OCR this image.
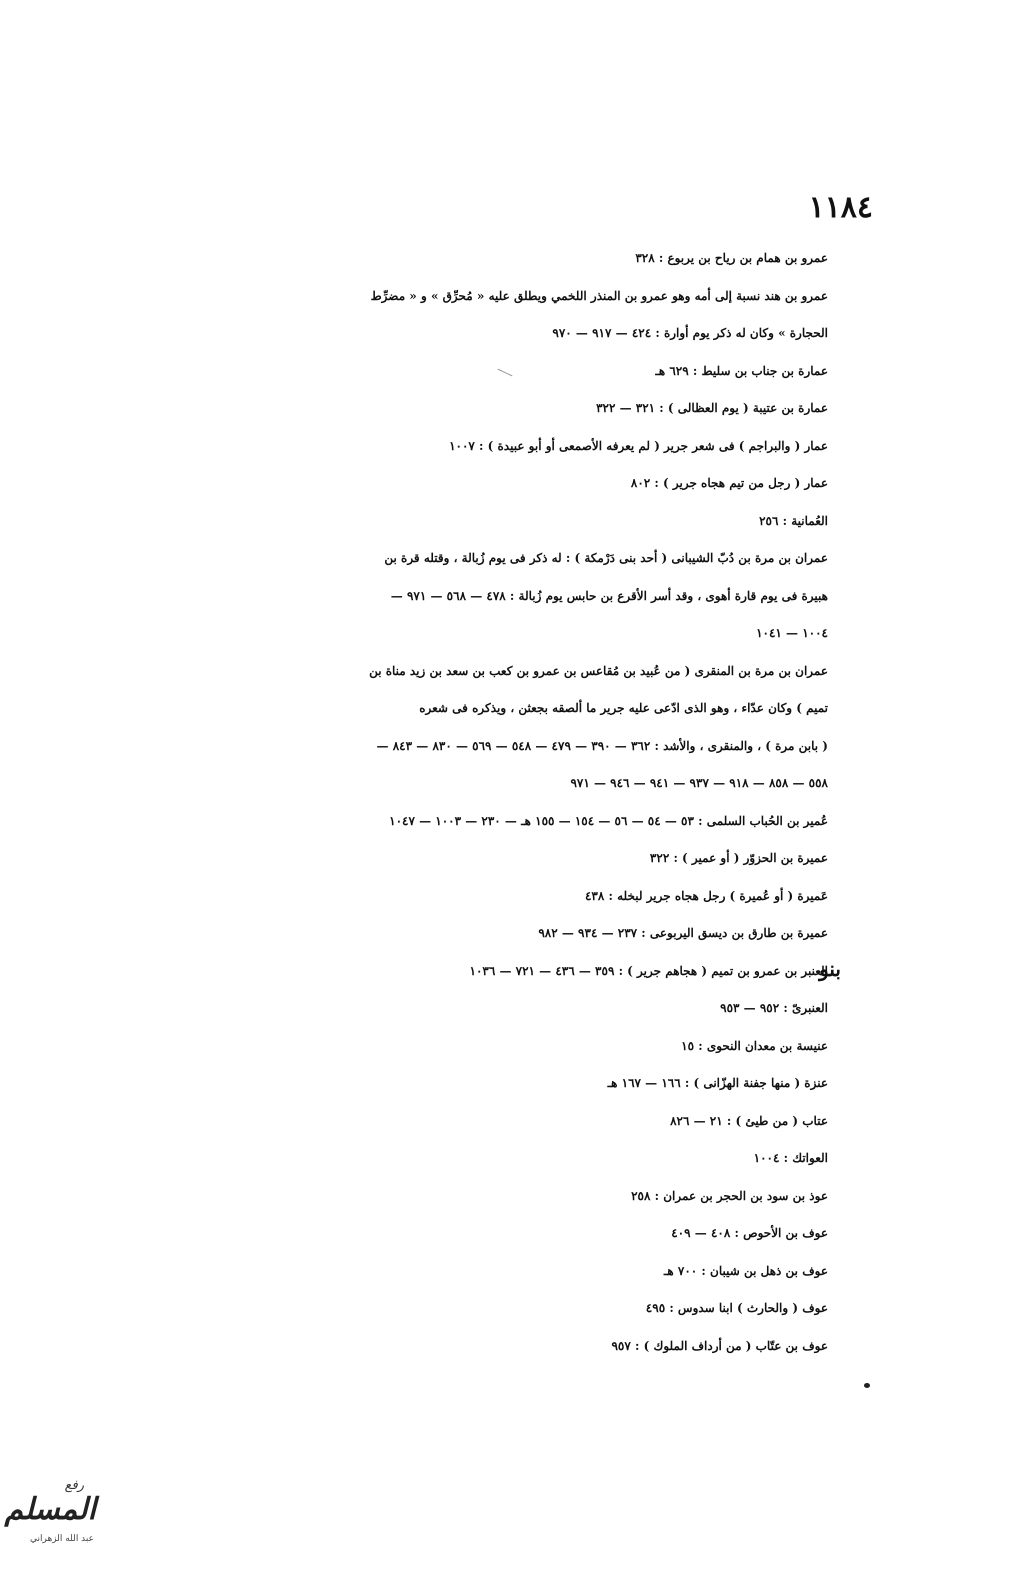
١١٨٤

عمرو بن همام بن رياح بن يربوع : ٣٢٨

عمرو بن هند نسبة إلى أمه وهو عمرو بن المنذر اللخمي ويطلق عليه « مُحرِّق » و « مضرِّط
الحجارة » وكان له ذكر يوم أوارة : ٤٢٤ — ٩١٧ — ٩٧٠

عمارة بن جناب بن سليط : ٦٢٩ هـ

عمارة بن عتيبة ( يوم العظالى ) : ٣٢١ — ٣٢٢

عمار ( والبراجم ) فى شعر جرير ( لم يعرفه الأصمعى أو أبو عبيدة ) : ١٠٠٧

عمار ( رجل من تيم هجاه جرير ) : ٨٠٢

العُمانية : ٢٥٦

عمران بن مرة بن دُبّ الشيبانى ( أحد بنى دَرْمكة ) : له ذكر فى يوم زُبالة ، وقتله قرة بن
هبيرة فى يوم قارة أهوى ، وقد أسر الأقرع بن حابس يوم زُبالة : ٤٧٨ — ٥٦٨ — ٩٧١ —
١٠٠٤ — ١٠٤١

عمران بن مرة بن المنقرى ( من عُبيد بن مُقاعس بن عمرو بن كعب بن سعد بن زيد مناة بن
تميم ) وكان عدّاء ، وهو الذى ادّعى عليه جرير ما ألصقه بجعثن ، ويذكره فى شعره
( بابن مرة ) ، والمنقرى ، والأشد : ٣٦٢ — ٣٩٠ — ٤٧٩ — ٥٤٨ — ٥٦٩ — ٨٣٠ — ٨٤٣ —
٥٥٨ — ٨٥٨ — ٩١٨ — ٩٣٧ — ٩٤١ — ٩٤٦ — ٩٧١

عُمير بن الحُباب السلمى : ٥٣ — ٥٤ — ٥٦ — ١٥٤ — ١٥٥ هـ — ٢٣٠ — ١٠٠٣ — ١٠٤٧

عميرة بن الحزوّر ( أو عمير ) : ٣٢٢

عَميرة ( أو عُميرة ) رجل هجاه جرير لبخله : ٤٣٨

عميرة بن طارق بن ديسق اليربوعى : ٢٣٧ — ٩٣٤ — ٩٨٢

العنبر بن عمرو بن تميم ( هجاهم جرير ) : ٣٥٩ — ٤٣٦ — ٧٢١ — ١٠٣٦

العنبرىّ : ٩٥٢ — ٩٥٣

عنيسة بن معدان النحوى : ١٥

عنزة ( منها جفنة الهزّانى ) : ١٦٦ — ١٦٧ هـ

عتاب ( من طيئ ) : ٢١ — ٨٢٦

العواتك : ١٠٠٤

عوذ بن سود بن الحجر بن عمران : ٢٥٨

عوف بن الأحوص : ٤٠٨ — ٤٠٩

عوف بن ذهل بن شيبان : ٧٠٠ هـ

عوف ( والحارث ) ابنا سدوس : ٤٩٥

عوف بن عتّاب ( من أرداف الملوك ) : ٩٥٧

بنو
رفع
المسلم
عبد الله الزهراني
